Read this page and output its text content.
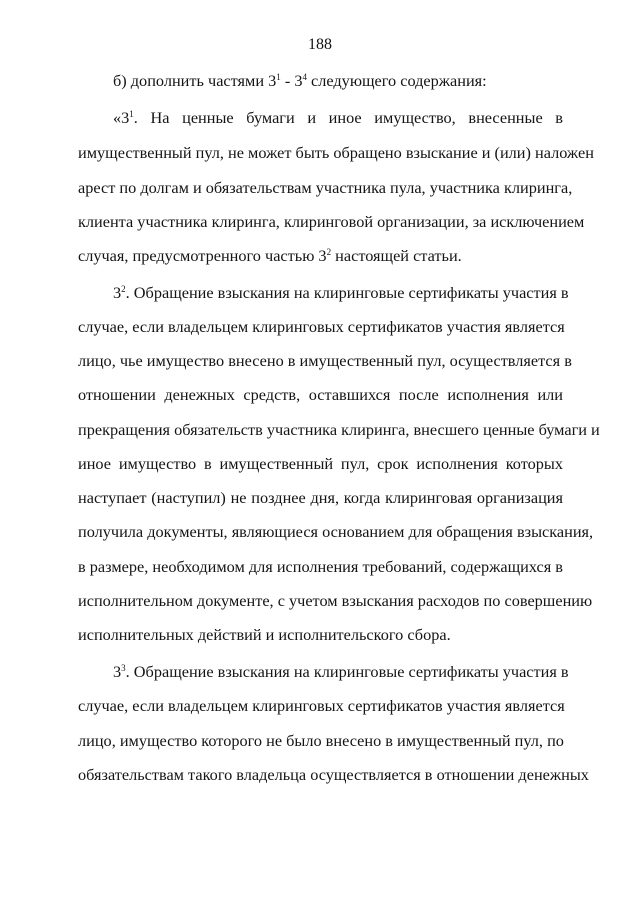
188
б) дополнить частями $3^1 - 3^4$ следующего содержания:
«$3^1$. На ценные бумаги и иное имущество, внесенные в
имущественный пул, не может быть обращено взыскание и (или) наложен
арест по долгам и обязательствам участника пула, участника клиринга,
клиента участника клиринга, клиринговой организации, за исключением
случая, предусмотренного частью $3^2$ настоящей статьи.
$3^2$. Обращение взыскания на клиринговые сертификаты участия в
случае, если владельцем клиринговых сертификатов участия является
лицо, чье имущество внесено в имущественный пул, осуществляется в
отношении денежных средств, оставшихся после исполнения или
прекращения обязательств участника клиринга, внесшего ценные бумаги и
иное имущество в имущественный пул, срок исполнения которых
наступает (наступил) не позднее дня, когда клиринговая организация
получила документы, являющиеся основанием для обращения взыскания,
в размере, необходимом для исполнения требований, содержащихся в
исполнительном документе, с учетом взыскания расходов по совершению
исполнительных действий и исполнительского сбора.
$3^3$. Обращение взыскания на клиринговые сертификаты участия в
случае, если владельцем клиринговых сертификатов участия является
лицо, имущество которого не было внесено в имущественный пул, по
обязательствам такого владельца осуществляется в отношении денежных
